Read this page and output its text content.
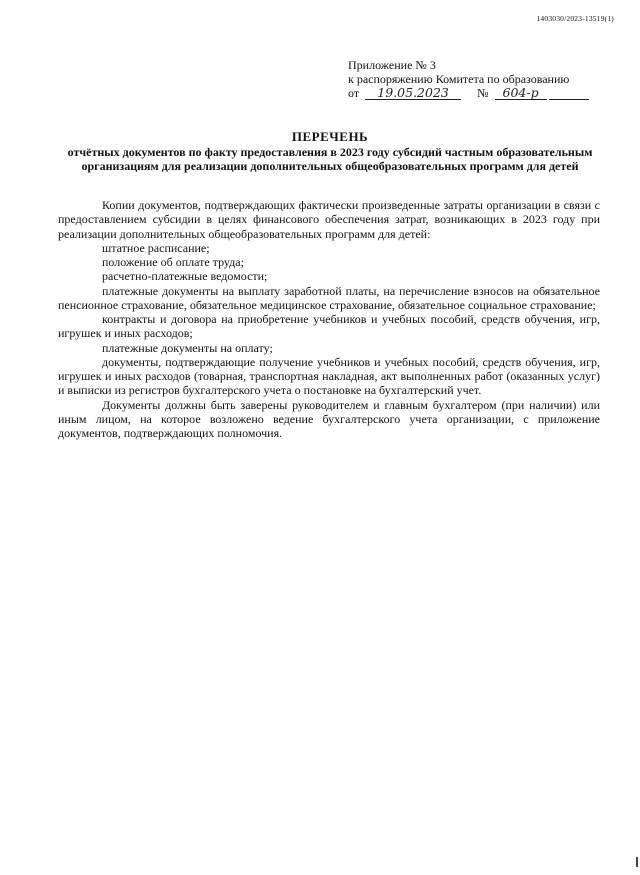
1403030/2023-13519(1)
Приложение № 3
к распоряжению Комитета по образованию
от	19.05.2023	№	604-р
ПЕРЕЧЕНЬ
отчётных документов по факту предоставления в 2023 году субсидий частным образовательным организациям для реализации дополнительных общеобразовательных программ для детей

Копии документов, подтверждающих фактически произведенные затраты организации в связи с предоставлением субсидии в целях финансового обеспечения затрат, возникающих в 2023 году при реализации дополнительных общеобразовательных программ для детей:

штатное расписание;

положение об оплате труда;

расчетно-платежные ведомости;

платежные документы на выплату заработной платы, на перечисление взносов на обязательное пенсионное страхование, обязательное медицинское страхование, обязательное социальное страхование;

контракты и договора на приобретение учебников и учебных пособий, средств обучения, игр, игрушек и иных расходов;

платежные документы на оплату;

документы, подтверждающие получение учебников и учебных пособий, средств обучения, игр, игрушек и иных расходов (товарная, транспортная накладная, акт выполненных работ (оказанных услуг) и выписки из регистров бухгалтерского учета о постановке на бухгалтерский учет.

Документы должны быть заверены руководителем и главным бухгалтером (при наличии) или иным лицом, на которое возложено ведение бухгалтерского учета организации, с приложение документов, подтверждающих полномочия.
